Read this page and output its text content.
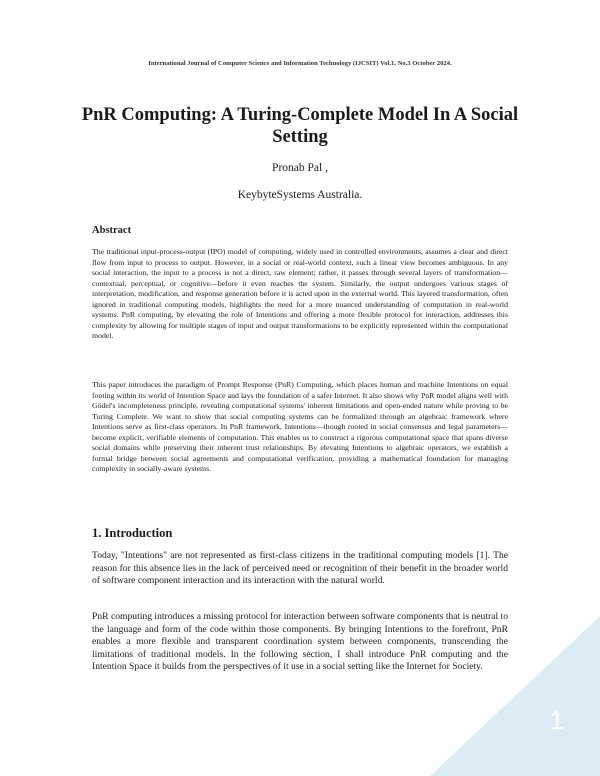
International Journal of Computer Science and Information Technology (IJCSIT) Vol.1, No.3 October 2024.
PnR Computing: A Turing-Complete Model In A Social Setting
Pronab Pal ,
KeybyteSystems Australia.
Abstract

The traditional input-process-output (IPO) model of computing, widely used in controlled environments, assumes a clear and direct flow from input to process to output. However, in a social or real-world context, such a linear view becomes ambiguous. In any social interaction, the input to a process is not a direct, raw element; rather, it passes through several layers of transformation—contextual, perceptual, or cognitive—before it even reaches the system. Similarly, the output undergoes various stages of interpretation, modification, and response generation before it is acted upon in the external world. This layered transformation, often ignored in traditional computing models, highlights the need for a more nuanced understanding of computation in real-world systems. PnR computing, by elevating the role of Intentions and offering a more flexible protocol for interaction, addresses this complexity by allowing for multiple stages of input and output transformations to be explicitly represented within the computational model.

This paper introduces the paradigm of Prompt Response (PnR) Computing, which places human and machine Intentions on equal footing within its world of Intention Space and lays the foundation of a safer Internet. It also shows why PnR model aligns well with Gödel's incompleteness principle, revealing computational systems' inherent limitations and open-ended nature while proving to be Turing Complete. We want to show that social computing systems can be formalized through an algebraic framework where Intentions serve as first-class operators. In PnR framework, Intentions—though rooted in social consensus and legal parameters—become explicit, verifiable elements of computation. This enables us to construct a rigorous computational space that spans diverse social domains while preserving their inherent trust relationships. By elevating Intentions to algebraic operators, we establish a formal bridge between social agreements and computational verification, providing a mathematical foundation for managing complexity in socially-aware systems.

1. Introduction

Today, "Intentions" are not represented as first-class citizens in the traditional computing models [1]. The reason for this absence lies in the lack of perceived need or recognition of their benefit in the broader world of software component interaction and its interaction with the natural world.

PnR computing introduces a missing protocol for interaction between software components that is neutral to the language and form of the code within those components. By bringing Intentions to the forefront, PnR enables a more flexible and transparent coordination system between components, transcending the limitations of traditional models. In the following section, I shall introduce PnR computing and the Intention Space it builds from the perspectives of it use in a social setting like the Internet for Society.

1
